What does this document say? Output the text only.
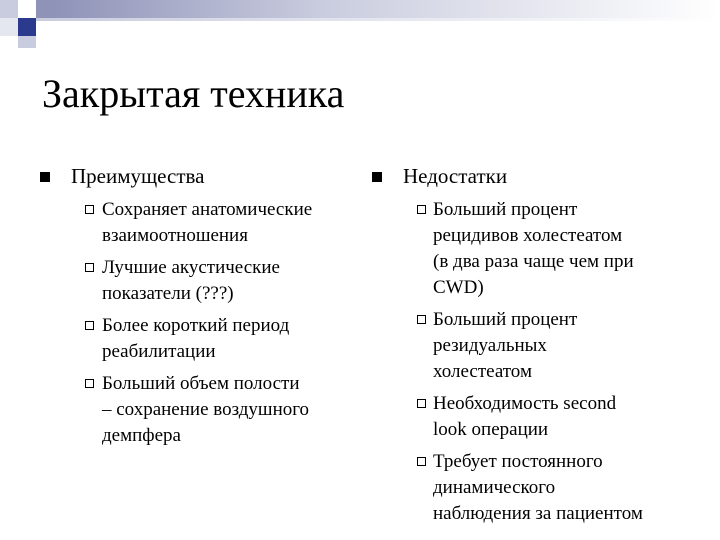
Закрытая техника
Преимущества
Сохраняет анатомические
взаимоотношения
Лучшие акустические
показатели (???)
Более короткий период
реабилитации
Больший объем полости
– сохранение воздушного
демпфера
Недостатки
Больший процент
рецидивов холестеатом
(в два раза чаще чем при
CWD)
Больший процент
резидуальных
холестеатом
Необходимость second
look операции
Требует постоянного
динамического
наблюдения за пациентом
